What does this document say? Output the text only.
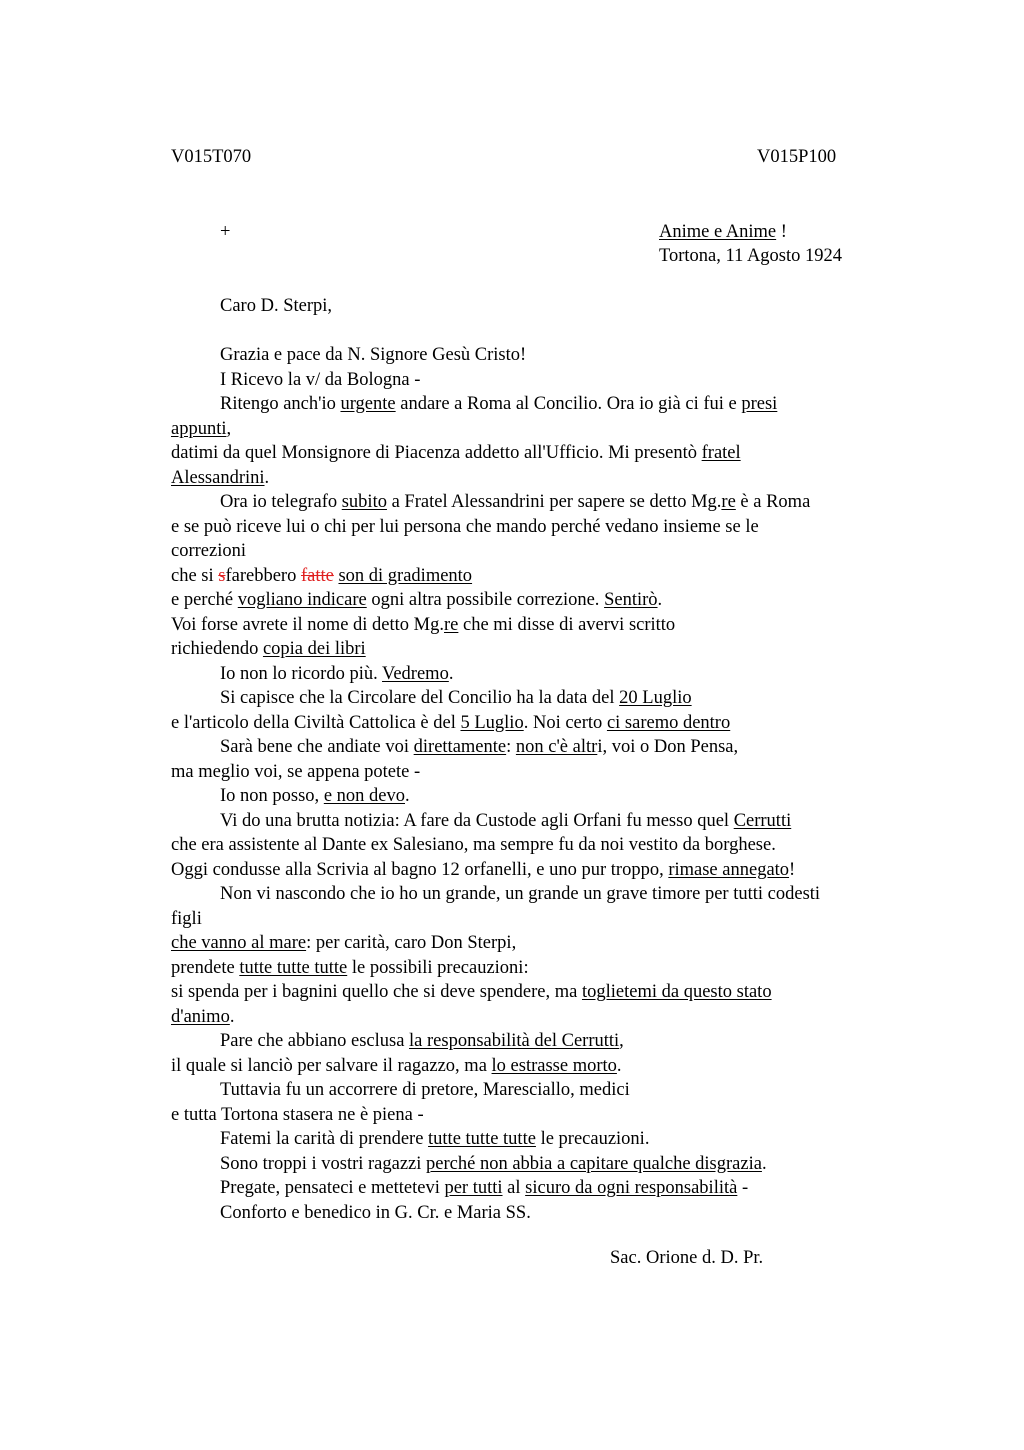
V015T070	V015P100
+	Anime e Anime !
Tortona, 11 Agosto 1924
Caro D. Sterpi,
Grazia e pace da N. Signore Gesù Cristo!
I Ricevo la v/ da Bologna -
Ritengo anch'io urgente andare a Roma al Concilio. Ora io già ci fui e presi
appunti,
datimi da quel Monsignore di Piacenza addetto all'Ufficio. Mi presentò fratel
Alessandrini.
Ora io telegrafo subito a Fratel Alessandrini per sapere se detto Mg.re è a Roma
e se può riceve lui o chi per lui persona che mando perché vedano insieme se le
correzioni
che si sfarebbero fatte son di gradimento
e perché vogliano indicare ogni altra possibile correzione. Sentirò.
Voi forse avrete il nome di detto Mg.re che mi disse di avervi scritto
richiedendo copia dei libri
Io non lo ricordo più. Vedremo.
Si capisce che la Circolare del Concilio ha la data del 20 Luglio
e l'articolo della Civiltà Cattolica è del 5 Luglio. Noi certo ci saremo dentro
Sarà bene che andiate voi direttamente: non c'è altri, voi o Don Pensa,
ma meglio voi, se appena potete -
Io non posso, e non devo.
Vi do una brutta notizia: A fare da Custode agli Orfani fu messo quel Cerrutti
che era assistente al Dante ex Salesiano, ma sempre fu da noi vestito da borghese.
Oggi condusse alla Scrivia al bagno 12 orfanelli, e uno pur troppo, rimase annegato!
Non vi nascondo che io ho un grande, un grande un grave timore per tutti codesti
figli
che vanno al mare: per carità, caro Don Sterpi,
prendete tutte tutte tutte le possibili precauzioni:
si spenda per i bagnini quello che si deve spendere, ma toglietemi da questo stato
d'animo.
Pare che abbiano esclusa la responsabilità del Cerrutti,
il quale si lanciò per salvare il ragazzo, ma lo estrasse morto.
Tuttavia fu un accorrere di pretore, Maresciallo, medici
e tutta Tortona stasera ne è piena -
Fatemi la carità di prendere tutte tutte tutte le precauzioni.
Sono troppi i vostri ragazzi perché non abbia a capitare qualche disgrazia.
Pregate, pensateci e mettetevi per tutti al sicuro da ogni responsabilità -
Conforto e benedico in G. Cr. e Maria SS.
Sac. Orione d. D. Pr.
